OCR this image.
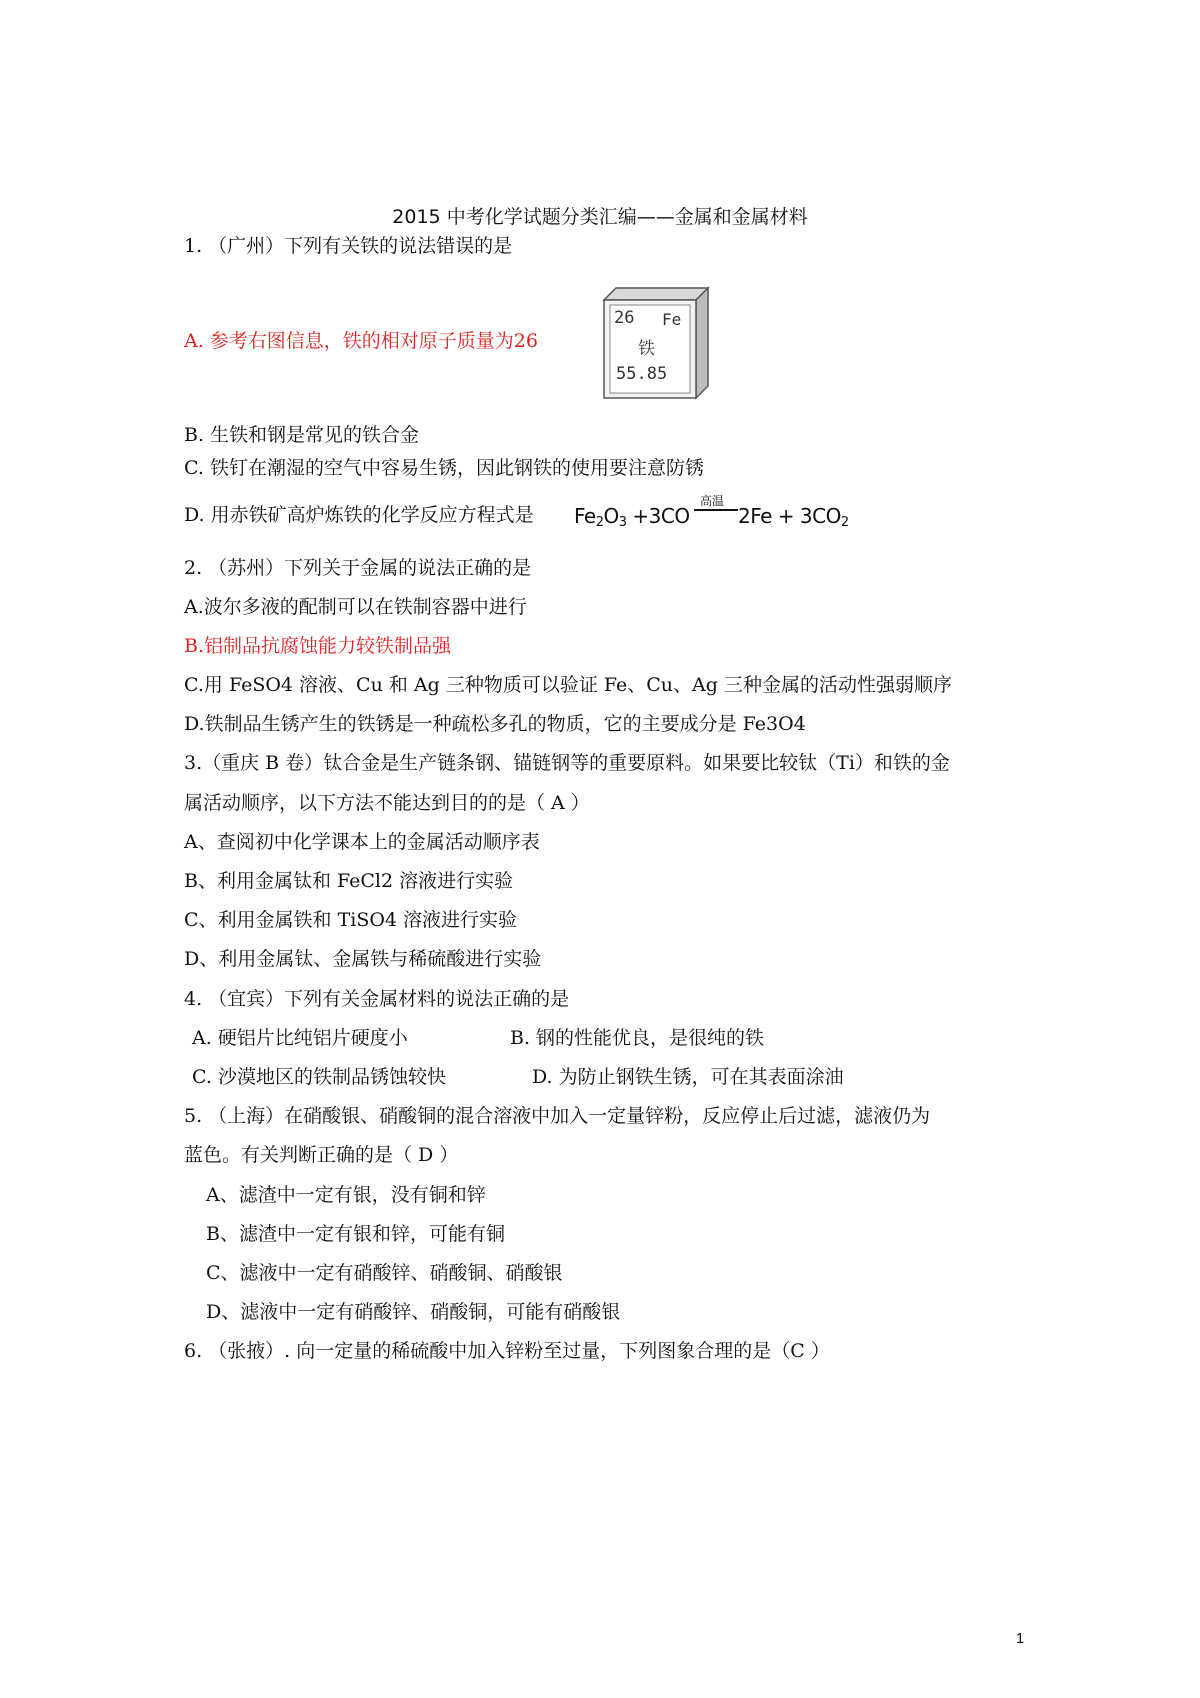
2015 中考化学试题分类汇编——金属和金属材料
1. （广州）下列有关铁的说法错误的是
A. 参考右图信息，铁的相对原子质量为26
26 Fe
铁
55.85
B. 生铁和钢是常见的铁合金
C. 铁钉在潮湿的空气中容易生锈，因此钢铁的使用要注意防锈
D. 用赤铁矿高炉炼铁的化学反应方程式是 $Fe_2O_3 +3CO$
高温
$2Fe + 3CO_2$
2. （苏州）下列关于金属的说法正确的是
A.波尔多液的配制可以在铁制容器中进行
B.铝制品抗腐蚀能力较铁制品强
C.用 FeSO4 溶液、Cu 和 Ag 三种物质可以验证 Fe、Cu、Ag 三种金属的活动性强弱顺序
D.铁制品生锈产生的铁锈是一种疏松多孔的物质，它的主要成分是 Fe3O4
3.（重庆 B 卷）钛合金是生产链条钢、锚链钢等的重要原料。如果要比较钛（Ti）和铁的金
属活动顺序，以下方法不能达到目的的是（ A ）
A、查阅初中化学课本上的金属活动顺序表
B、利用金属钛和 FeCl2 溶液进行实验
C、利用金属铁和 TiSO4 溶液进行实验
D、利用金属钛、金属铁与稀硫酸进行实验
4. （宜宾）下列有关金属材料的说法正确的是
A. 硬铝片比纯铝片硬度小	B. 钢的性能优良，是很纯的铁
C. 沙漠地区的铁制品锈蚀较快	D. 为防止钢铁生锈，可在其表面涂油
5. （上海）在硝酸银、硝酸铜的混合溶液中加入一定量锌粉，反应停止后过滤，滤液仍为
蓝色。有关判断正确的是（ D ）
A、滤渣中一定有银，没有铜和锌
B、滤渣中一定有银和锌，可能有铜
C、滤液中一定有硝酸锌、硝酸铜、硝酸银
D、滤液中一定有硝酸锌、硝酸铜，可能有硝酸银
6. （张掖）. 向一定量的稀硫酸中加入锌粉至过量，下列图象合理的是（C ）
1
